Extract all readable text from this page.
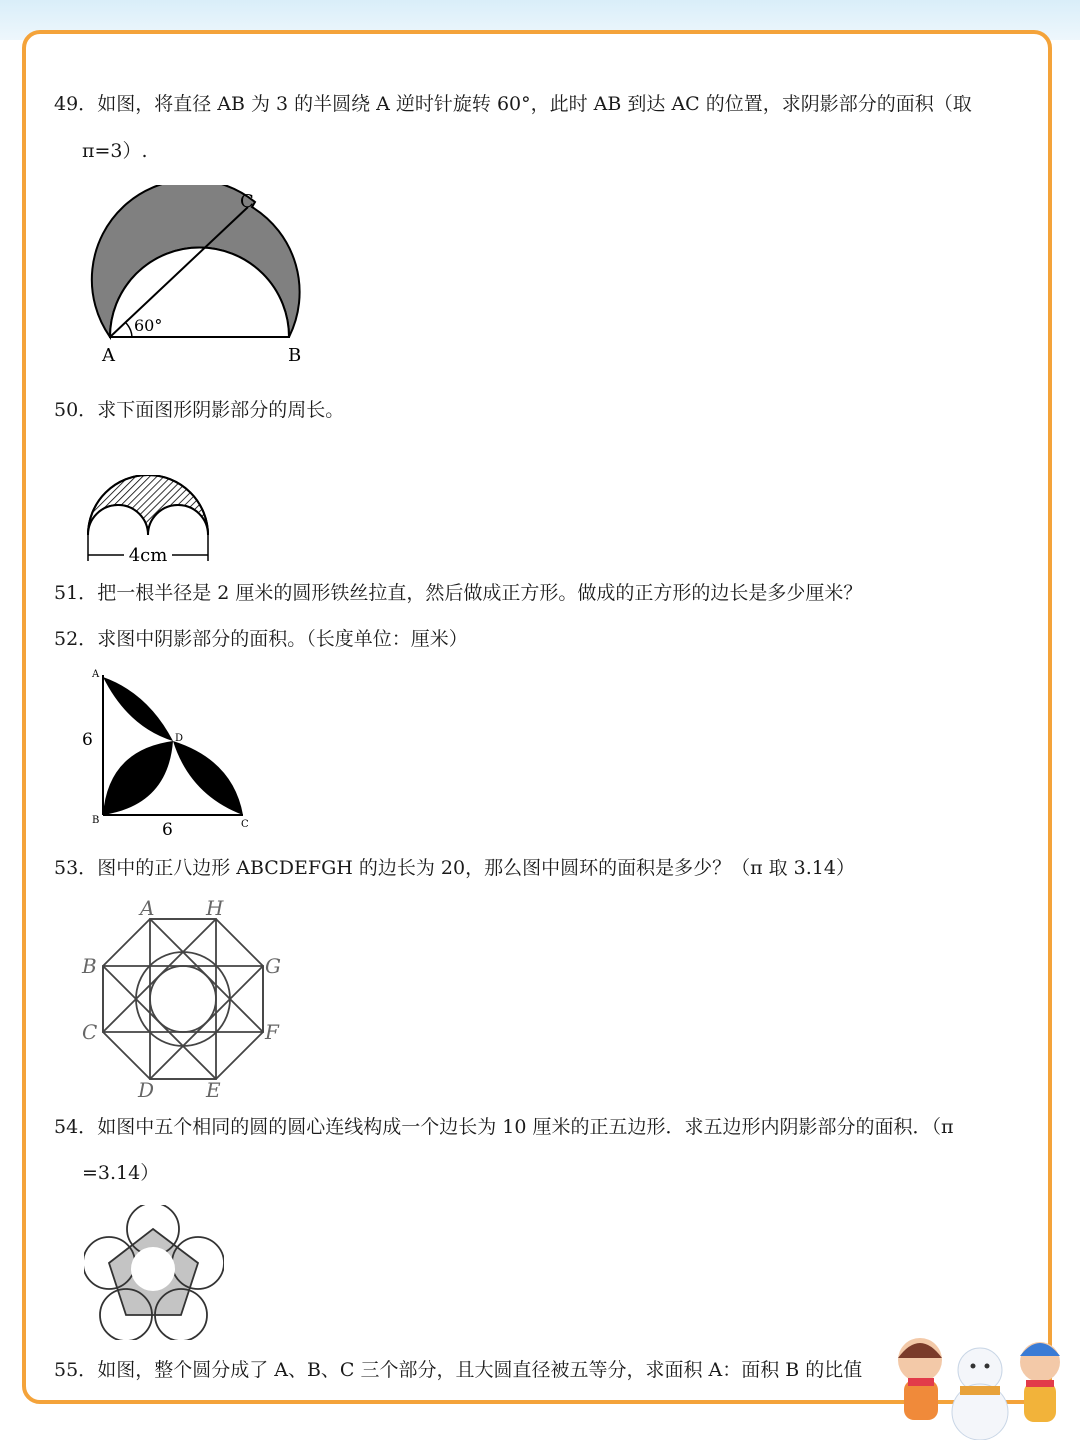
49．如图，将直径 AB 为 3 的半圆绕 A 逆时针旋转 60°，此时 AB 到达 AC 的位置，求阴影部分的面积（取
π=3）.
60°
A	B
C
50．求下面图形阴影部分的周长。
4cm
51．把一根半径是 2 厘米的圆形铁丝拉直，然后做成正方形。做成的正方形的边长是多少厘米？
52．求图中阴影部分的面积。（长度单位：厘米）
A
B	C
D
6
6
53．图中的正八边形 ABCDEFGH 的边长为 20，那么图中圆环的面积是多少？（π 取 3.14）
A	H
B	G
C	F
D	E
54．如图中五个相同的圆的圆心连线构成一个边长为 10 厘米的正五边形．求五边形内阴影部分的面积．（π
=3.14）
55．如图，整个圆分成了 A、B、C 三个部分，且大圆直径被五等分，求面积 A：面积 B 的比值
